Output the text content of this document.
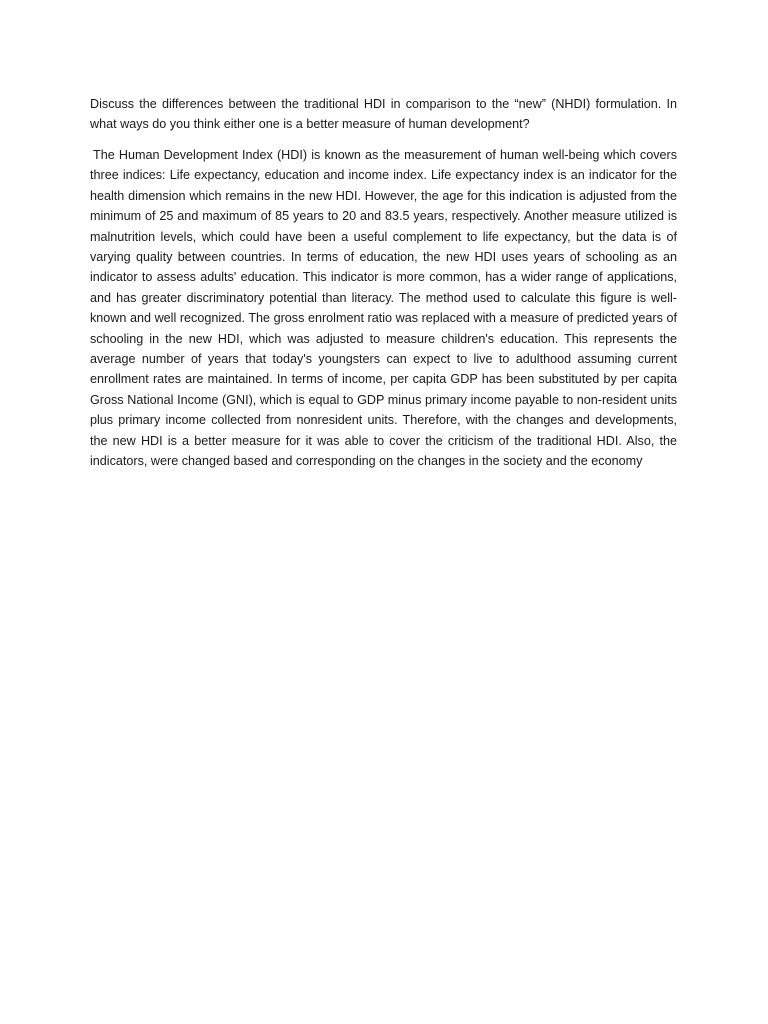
Discuss the differences between the traditional HDI in comparison to the “new” (NHDI) formulation. In what ways do you think either one is a better measure of human development?

The Human Development Index (HDI) is known as the measurement of human well-being which covers three indices: Life expectancy, education and income index. Life expectancy index is an indicator for the health dimension which remains in the new HDI. However, the age for this indication is adjusted from the minimum of 25 and maximum of 85 years to 20 and 83.5 years, respectively. Another measure utilized is malnutrition levels, which could have been a useful complement to life expectancy, but the data is of varying quality between countries. In terms of education, the new HDI uses years of schooling as an indicator to assess adults' education. This indicator is more common, has a wider range of applications, and has greater discriminatory potential than literacy. The method used to calculate this figure is well-known and well recognized. The gross enrolment ratio was replaced with a measure of predicted years of schooling in the new HDI, which was adjusted to measure children's education. This represents the average number of years that today's youngsters can expect to live to adulthood assuming current enrollment rates are maintained. In terms of income, per capita GDP has been substituted by per capita Gross National Income (GNI), which is equal to GDP minus primary income payable to non-resident units plus primary income collected from nonresident units. Therefore, with the changes and developments, the new HDI is a better measure for it was able to cover the criticism of the traditional HDI. Also, the indicators, were changed based and corresponding on the changes in the society and the economy
